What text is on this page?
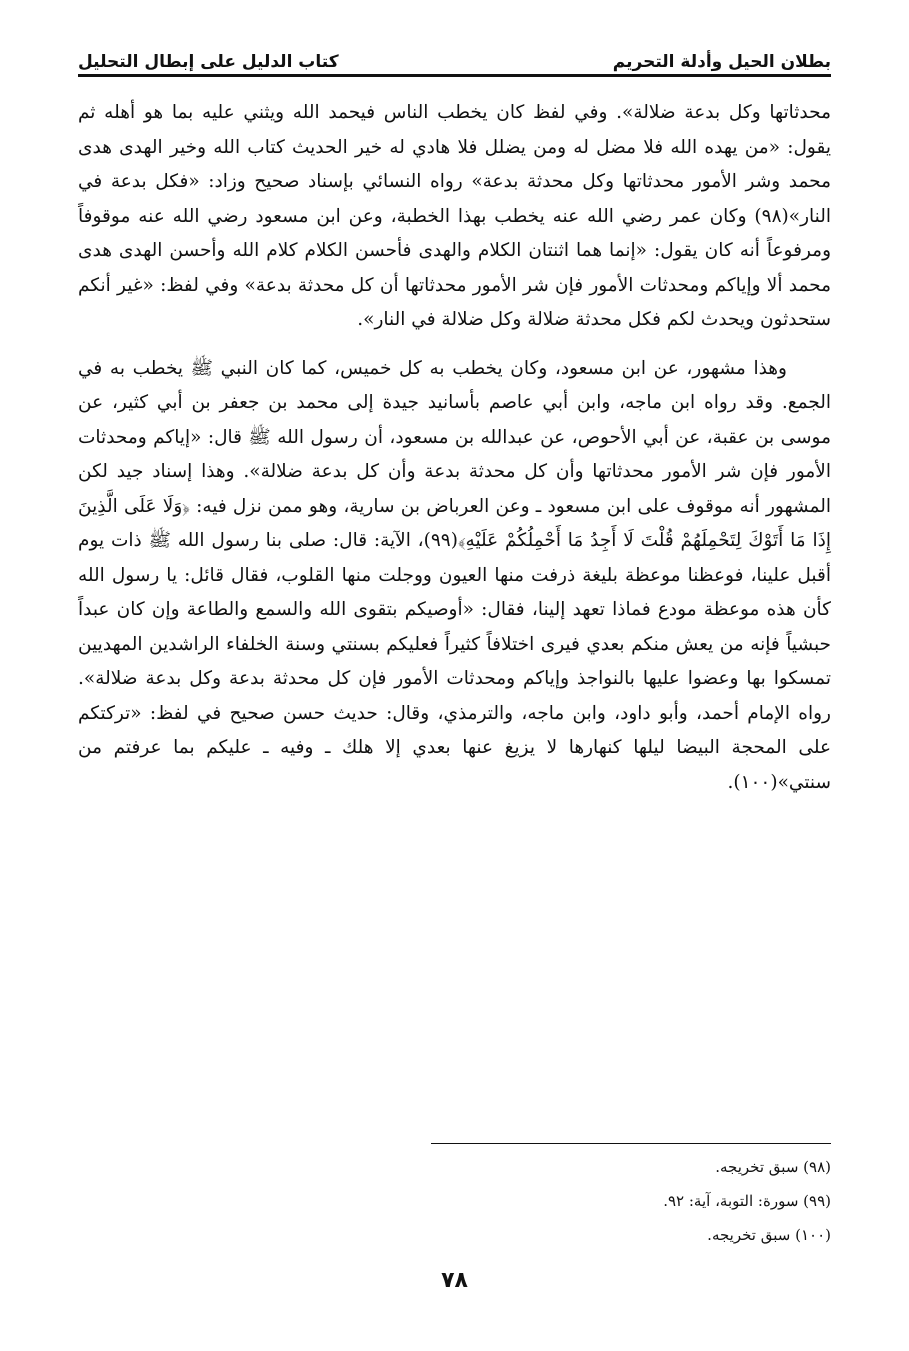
كتاب الدليل على إبطال التحليل	بطلان الحيل وأدلة التحريم

محدثاتها وكل بدعة ضلالة». وفي لفظ كان يخطب الناس فيحمد الله ويثني عليه بما هو أهله ثم يقول: «من يهده الله فلا مضل له ومن يضلل فلا هادي له خير الحديث كتاب الله وخير الهدى هدى محمد وشر الأمور محدثاتها وكل محدثة بدعة» رواه النسائي بإسناد صحيح وزاد: «فكل بدعة في النار»(٩٨) وكان عمر رضي الله عنه يخطب بهذا الخطبة، وعن ابن مسعود رضي الله عنه موقوفاً ومرفوعاً أنه كان يقول: «إنما هما اثنتان الكلام والهدى فأحسن الكلام كلام الله وأحسن الهدى هدى محمد ألا وإياكم ومحدثات الأمور فإن شر الأمور محدثاتها أن كل محدثة بدعة» وفي لفظ: «غير أنكم ستحدثون ويحدث لكم فكل محدثة ضلالة وكل ضلالة في النار».

وهذا مشهور، عن ابن مسعود، وكان يخطب به كل خميس، كما كان النبي ﷺ يخطب به في الجمع. وقد رواه ابن ماجه، وابن أبي عاصم بأسانيد جيدة إلى محمد بن جعفر بن أبي كثير، عن موسى بن عقبة، عن أبي الأحوص، عن عبدالله بن مسعود، أن رسول الله ﷺ قال: «إياكم ومحدثات الأمور فإن شر الأمور محدثاتها وأن كل محدثة بدعة وأن كل بدعة ضلالة». وهذا إسناد جيد لكن المشهور أنه موقوف على ابن مسعود ـ وعن العرباض بن سارية، وهو ممن نزل فيه: ﴿وَلَا عَلَى الَّذِينَ إِذَا مَا أَتَوْكَ لِتَحْمِلَهُمْ قُلْتَ لَا أَجِدُ مَا أَحْمِلُكُمْ عَلَيْهِ﴾(٩٩)، الآية: قال: صلى بنا رسول الله ﷺ ذات يوم أقبل علينا، فوعظنا موعظة بليغة ذرفت منها العيون ووجلت منها القلوب، فقال قائل: يا رسول الله كأن هذه موعظة مودع فماذا تعهد إلينا، فقال: «أوصيكم بتقوى الله والسمع والطاعة وإن كان عبداً حبشياً فإنه من يعش منكم بعدي فيرى اختلافاً كثيراً فعليكم بسنتي وسنة الخلفاء الراشدين المهديين تمسكوا بها وعضوا عليها بالنواجذ وإياكم ومحدثات الأمور فإن كل محدثة بدعة وكل بدعة ضلالة». رواه الإمام أحمد، وأبو داود، وابن ماجه، والترمذي، وقال: حديث حسن صحيح في لفظ: «تركتكم على المحجة البيضا ليلها كنهارها لا يزيغ عنها بعدي إلا هلك ـ وفيه ـ عليكم بما عرفتم من سنتي»(١٠٠).

(٩٨) سبق تخريجه.
(٩٩) سورة: التوبة، آية: ٩٢.
(١٠٠) سبق تخريجه.
٧٨
